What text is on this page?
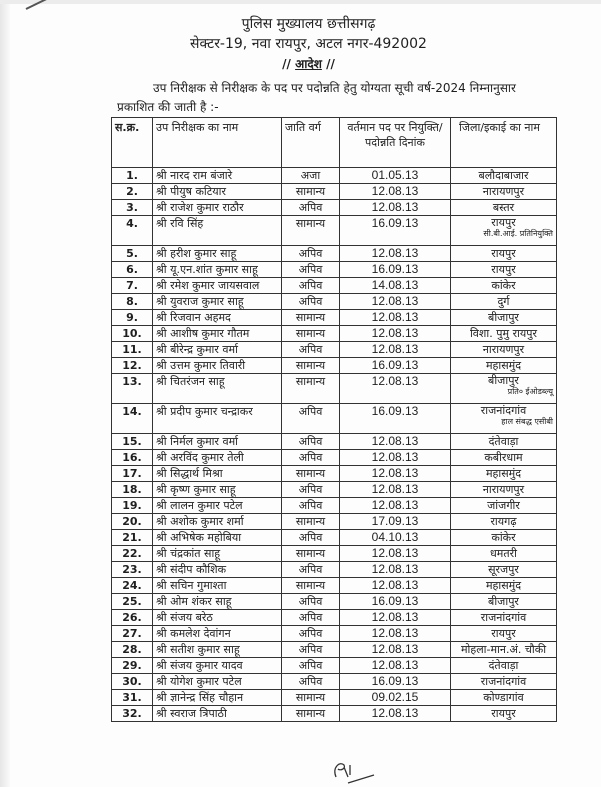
पुलिस मुख्यालय छत्तीसगढ़
सेक्टर-19, नवा रायपुर, अटल नगर-492002
// आदेश //
उप निरीक्षक से निरीक्षक के पद पर पदोन्नति हेतु योग्यता सूची वर्ष-2024 निम्नानुसार
प्रकाशित की जाती है :-
स.क्र.	उप निरीक्षक का नाम	जाति वर्ग	वर्तमान पद पर नियुक्ति/पदोन्नति दिनांक	जिला/इकाई का नाम
1.	श्री नारद राम बंजारे	अजा	01.05.13	बलौदाबाजार
2.	श्री पीयुष कटियार	सामान्य	12.08.13	नारायणपुर
3.	श्री राजेश कुमार राठौर	अपिव	12.08.13	बस्तर
4.	श्री रवि सिंह	सामान्य	16.09.13	रायपुर
सी.बी.आई. प्रतिनियुक्ति

5.	श्री हरीश कुमार साहू	अपिव	12.08.13	रायपुर
6.	श्री यू.एन.शांत कुमार साहू	अपिव	16.09.13	रायपुर
7.	श्री रमेश कुमार जायसवाल	अपिव	14.08.13	कांकेर
8.	श्री युवराज कुमार साहू	अपिव	12.08.13	दुर्ग
9.	श्री रिजवान अहमद	सामान्य	12.08.13	बीजापुर
10.	श्री आशीष कुमार गौतम	सामान्य	12.08.13	विशा. पुमु रायपुर
11.	श्री बीरेन्द्र कुमार वर्मा	अपिव	12.08.13	नारायणपुर
12.	श्री उत्तम कुमार तिवारी	सामान्य	16.09.13	महासमुंद
13.	श्री चितरंजन साहू	सामान्य	12.08.13	बीजापुर
प्रति० ईओडब्ल्यू

14.	श्री प्रदीप कुमार चन्द्राकर	अपिव	16.09.13	राजनांदगांव
हाल संबद्ध एसीबी

15.	श्री निर्मल कुमार वर्मा	अपिव	12.08.13	दंतेवाड़ा
16.	श्री अरविंद कुमार तेली	अपिव	12.08.13	कबीरधाम
17.	श्री सिद्धार्थ मिश्रा	सामान्य	12.08.13	महासमुंद
18.	श्री कृष्ण कुमार साहू	अपिव	12.08.13	नारायणपुर
19.	श्री लालन कुमार पटेल	अपिव	12.08.13	जांजगीर
20.	श्री अशोक कुमार शर्मा	सामान्य	17.09.13	रायगढ़
21.	श्री अभिषेक महोबिया	अपिव	04.10.13	कांकेर
22.	श्री चंद्रकांत साहू	सामान्य	12.08.13	धमतरी
23.	श्री संदीप कौशिक	अपिव	12.08.13	सूरजपुर
24.	श्री सचिन गुमाश्ता	सामान्य	12.08.13	महासमुंद
25.	श्री ओम शंकर साहू	अपिव	16.09.13	बीजापुर
26.	श्री संजय बरेठ	अपिव	12.08.13	राजनांदगांव
27.	श्री कमलेश देवांगन	अपिव	12.08.13	रायपुर
28.	श्री सतीश कुमार साहू	अपिव	12.08.13	मोहला-मान.अं. चौकी
29.	श्री संजय कुमार यादव	अपिव	12.08.13	दंतेवाड़ा
30.	श्री योगेश कुमार पटेल	अपिव	16.09.13	राजनांदगांव
31.	श्री ज्ञानेन्द्र सिंह चौहान	सामान्य	09.02.15	कोण्डागांव
32.	श्री स्वराज त्रिपाठी	सामान्य	12.08.13	रायपुर
